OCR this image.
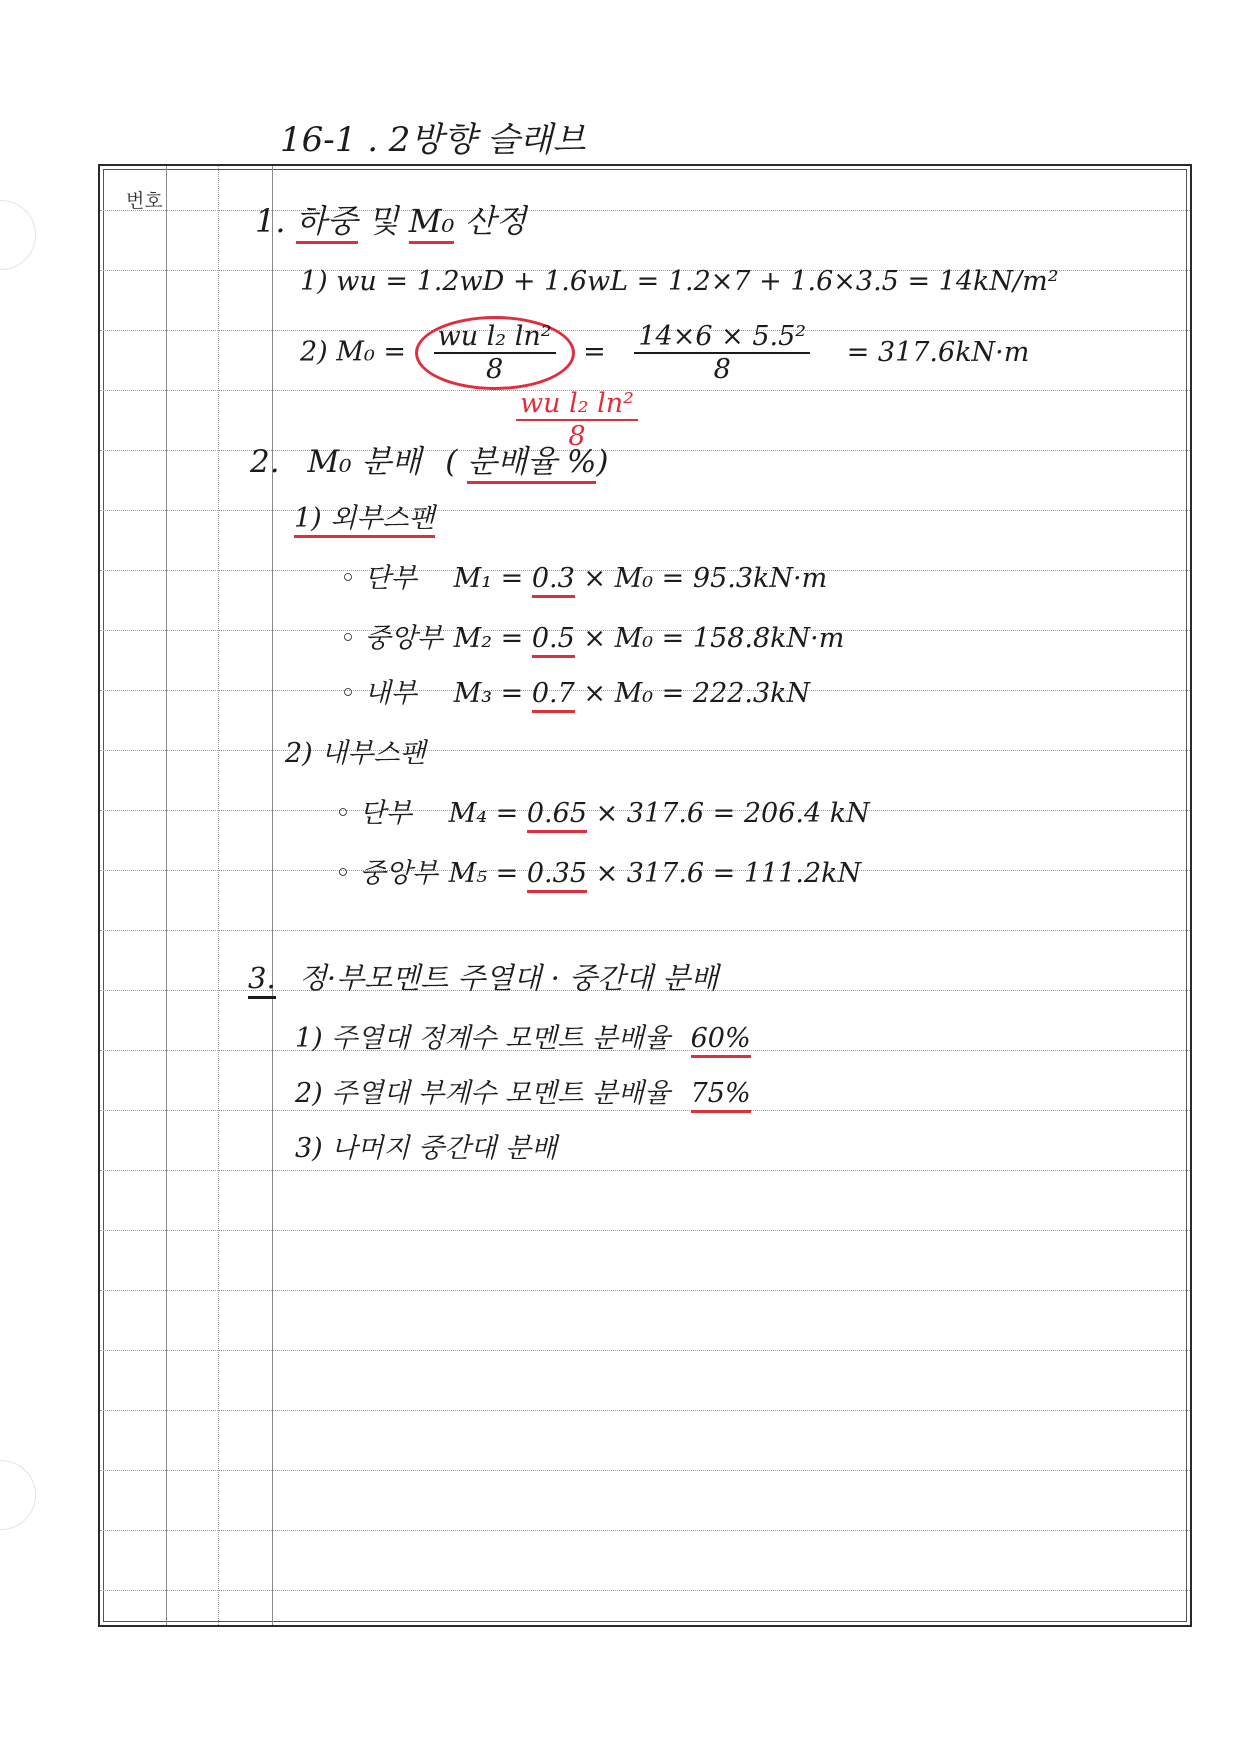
16-1 . 2방향 슬래브
번호
1. 하중 및 M₀ 산정
1) wu = 1.2wD + 1.6wL = 1.2×7 + 1.6×3.5 = 14kN/m²
2) $M_0 = \frac{\text{wu l₂ ln²}}{8} = \frac{\text{14×6 × 5.5²}}{8} = 317.6kN\cdot m$
$\frac{\text{wu l₂ ln²}}{8}$
2. M₀ 분배 ( 분배율 %)
1) 외부스팬
◦ 단부 M₁ = 0.3 × M₀ = 95.3kN·m
◦ 중앙부 M₂ = 0.5 × M₀ = 158.8kN·m
◦ 내부 M₃ = 0.7 × M₀ = 222.3kN
2) 내부스팬
◦ 단부 M₄ = 0.65 × 317.6 = 206.4 kN
◦ 중앙부 M₅ = 0.35 × 317.6 = 111.2kN
3. 정·부모멘트 주열대 · 중간대 분배
1) 주열대 정계수 모멘트 분배율 60%
2) 주열대 부계수 모멘트 분배율 75%
3) 나머지 중간대 분배
